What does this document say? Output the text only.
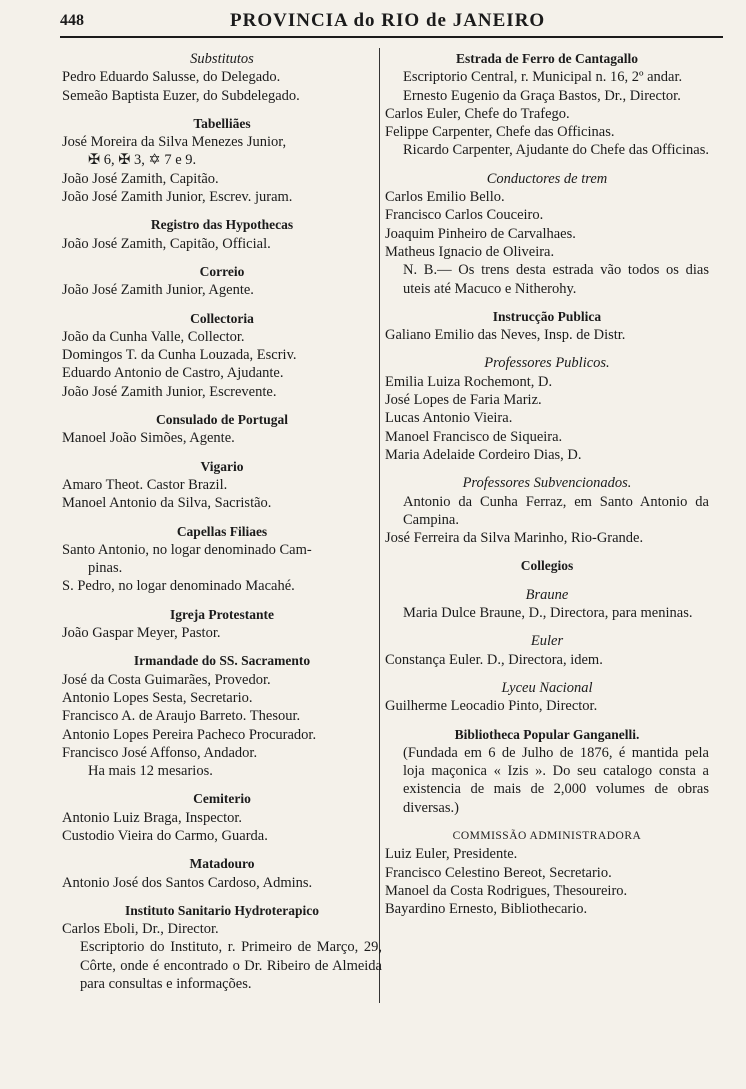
448	PROVINCIA do RIO de JANEIRO
Substitutos
Pedro Eduardo Salusse, do Delegado.
Semeão Baptista Euzer, do Subdelegado.
Tabelliães
José Moreira da Silva Menezes Junior,
✠ 6, ✠ 3, ✡ 7 e 9.
João José Zamith, Capitão.
João José Zamith Junior, Escrev. juram.
Registro das Hypothecas
João José Zamith, Capitão, Official.
Correio
João José Zamith Junior, Agente.
Collectoria
João da Cunha Valle, Collector.
Domingos T. da Cunha Louzada, Escriv.
Eduardo Antonio de Castro, Ajudante.
João José Zamith Junior, Escrevente.
Consulado de Portugal
Manoel João Simões, Agente.
Vigario
Amaro Theot. Castor Brazil.
Manoel Antonio da Silva, Sacristão.
Capellas Filiaes
Santo Antonio, no logar denominado Cam-
pinas.
S. Pedro, no logar denominado Macahé.
Igreja Protestante
João Gaspar Meyer, Pastor.
Irmandade do SS. Sacramento
José da Costa Guimarães, Provedor.
Antonio Lopes Sesta, Secretario.
Francisco A. de Araujo Barreto. Thesour.
Antonio Lopes Pereira Pacheco Procurador.
Francisco José Affonso, Andador.
Ha mais 12 mesarios.
Cemiterio
Antonio Luiz Braga, Inspector.
Custodio Vieira do Carmo, Guarda.
Matadouro
Antonio José dos Santos Cardoso, Admins.
Instituto Sanitario Hydroterapico
Carlos Eboli, Dr., Director.
Escriptorio do Instituto, r. Primeiro de Março, 29, Côrte, onde é encontrado o Dr. Ribeiro de Almeida para consultas e informações.
Estrada de Ferro de Cantagallo
Escriptorio Central, r. Municipal n. 16, 2º andar.
Ernesto Eugenio da Graça Bastos, Dr., Director.
Carlos Euler, Chefe do Trafego.
Felippe Carpenter, Chefe das Officinas.
Ricardo Carpenter, Ajudante do Chefe das Officinas.
Conductores de trem
Carlos Emilio Bello.
Francisco Carlos Couceiro.
Joaquim Pinheiro de Carvalhaes.
Matheus Ignacio de Oliveira.
N. B.— Os trens desta estrada vão todos os dias uteis até Macuco e Nitherohy.
Instrucção Publica
Galiano Emilio das Neves, Insp. de Distr.
Professores Publicos.
Emilia Luiza Rochemont, D.
José Lopes de Faria Mariz.
Lucas Antonio Vieira.
Manoel Francisco de Siqueira.
Maria Adelaide Cordeiro Dias, D.
Professores Subvencionados.
Antonio da Cunha Ferraz, em Santo Antonio da Campina.
José Ferreira da Silva Marinho, Rio-Grande.
Collegios
Braune
Maria Dulce Braune, D., Directora, para meninas.
Euler
Constança Euler. D., Directora, idem.
Lyceu Nacional
Guilherme Leocadio Pinto, Director.
Bibliotheca Popular Ganganelli.
(Fundada em 6 de Julho de 1876, é mantida pela loja maçonica « Izis ». Do seu catalogo consta a existencia de mais de 2,000 volumes de obras diversas.)
COMMISSÃO ADMINISTRADORA
Luiz Euler, Presidente.
Francisco Celestino Bereot, Secretario.
Manoel da Costa Rodrigues, Thesoureiro.
Bayardino Ernesto, Bibliothecario.
